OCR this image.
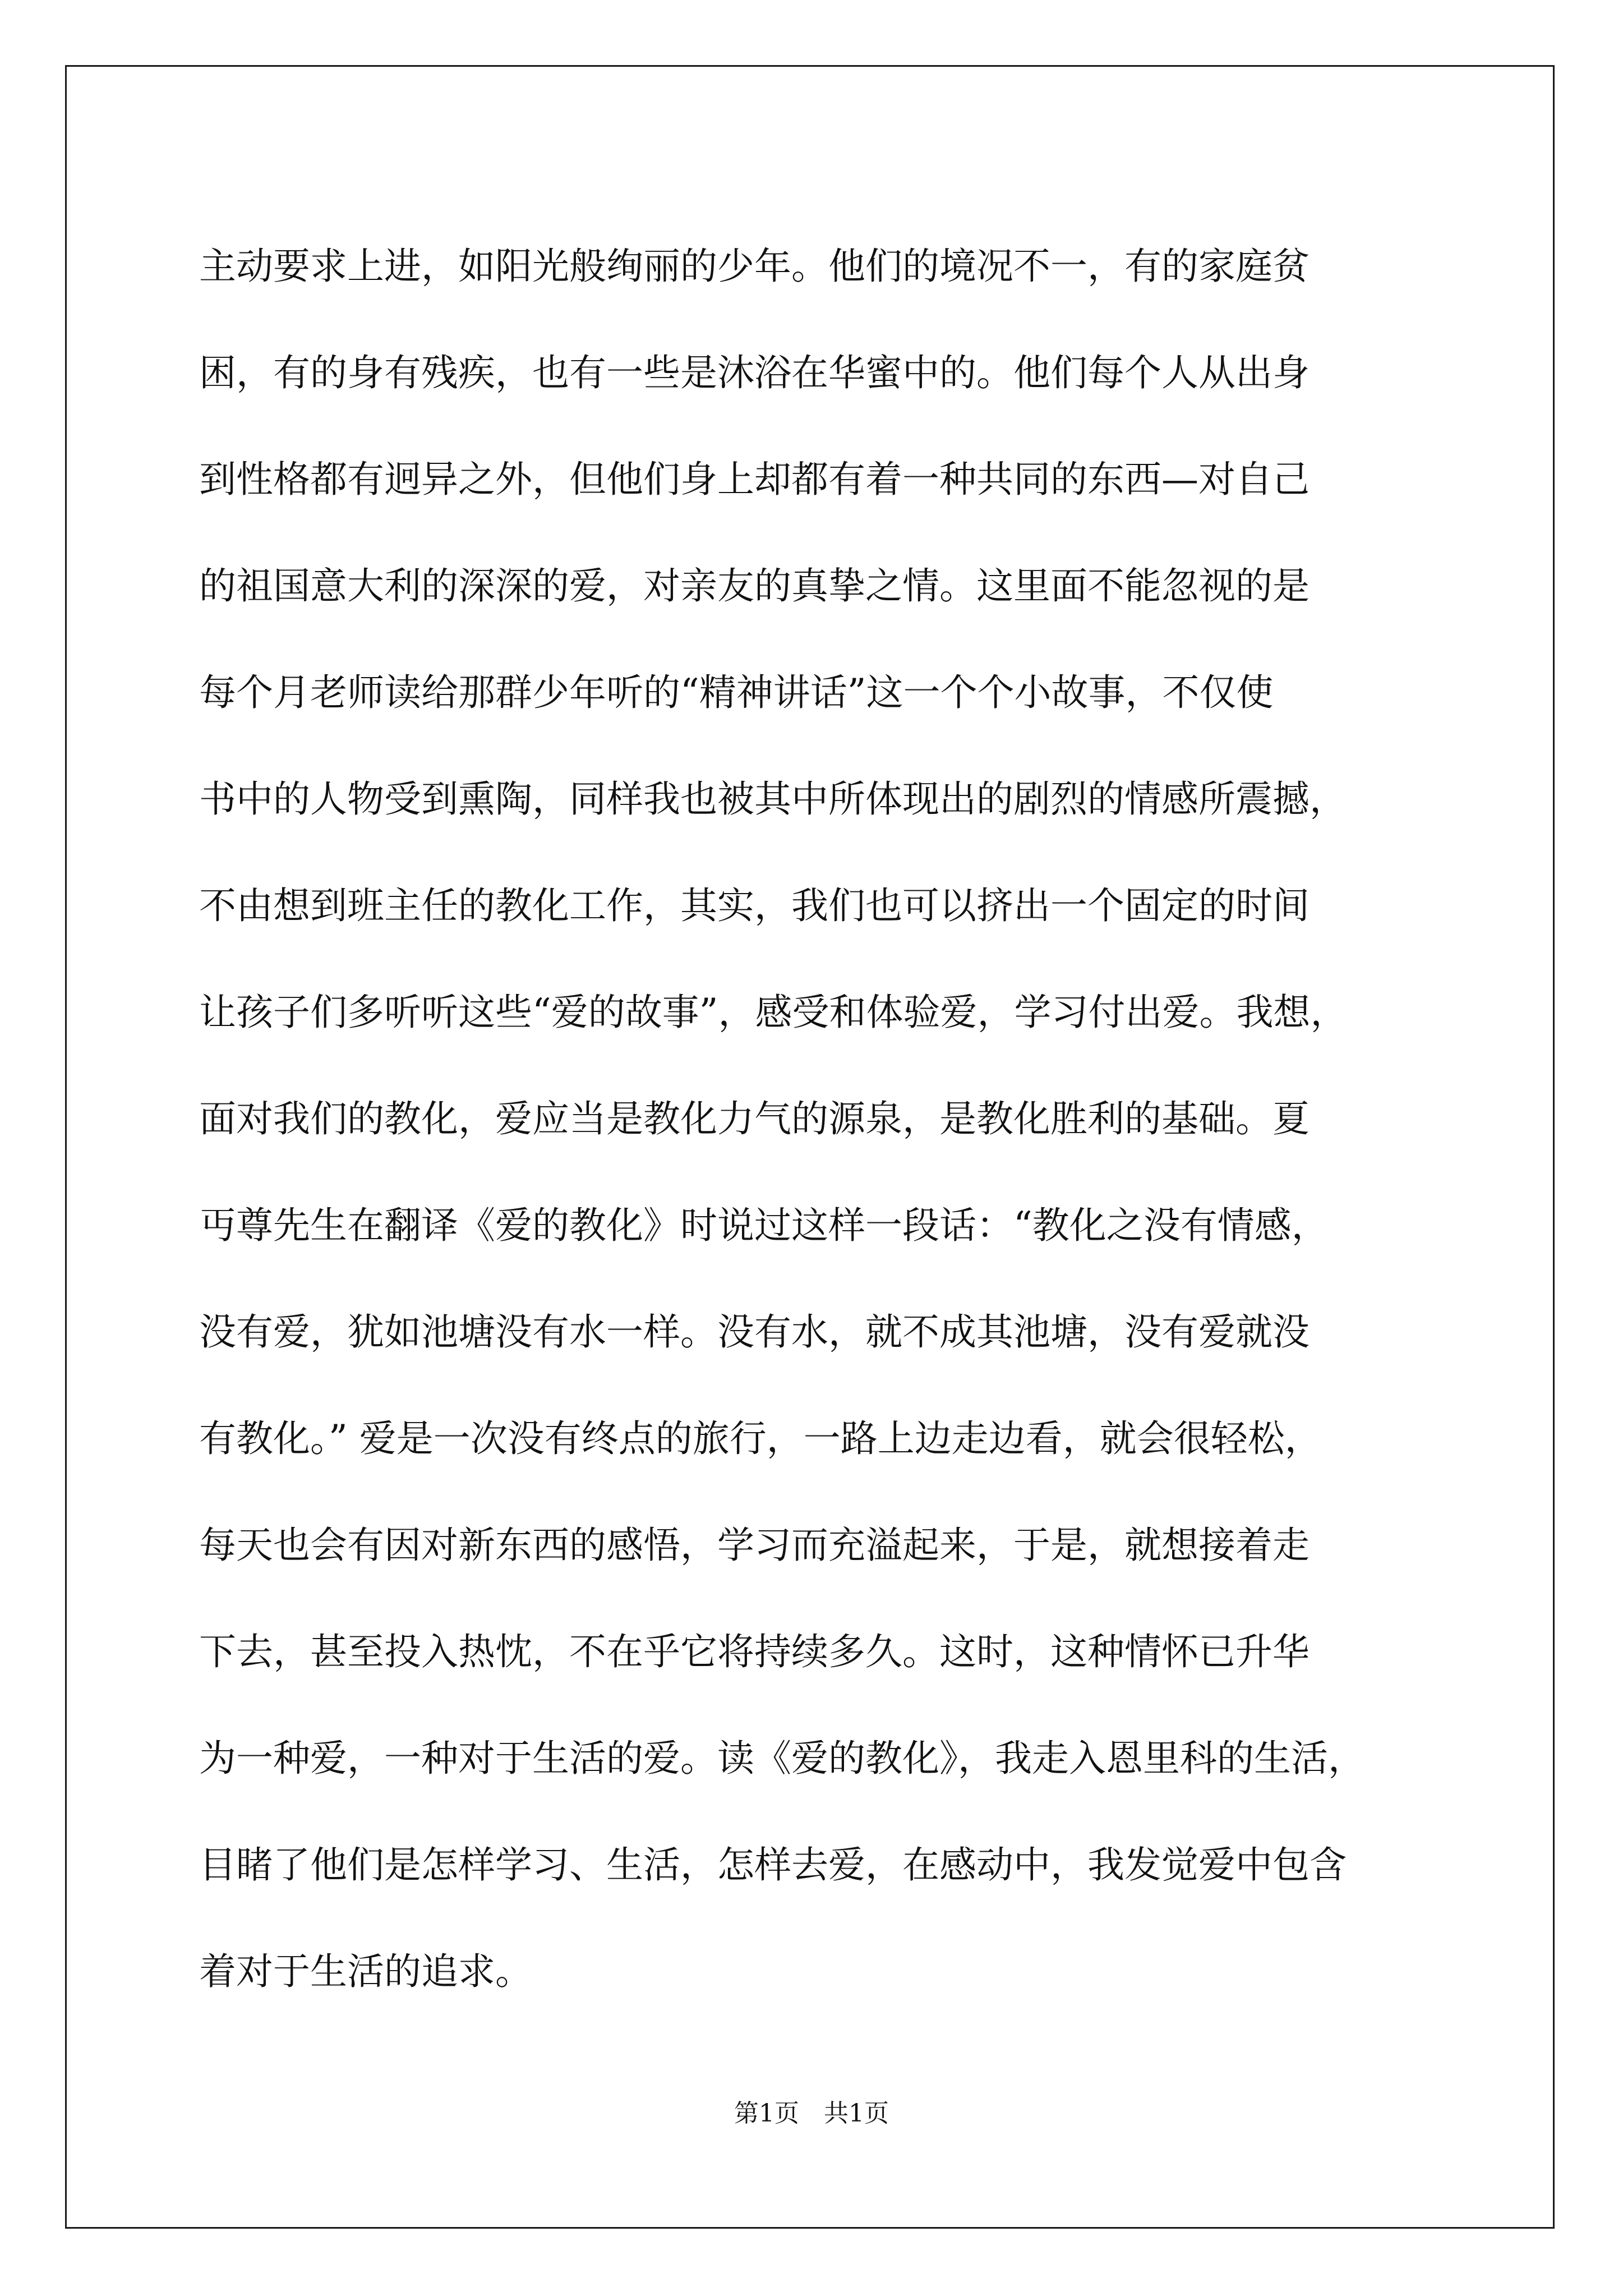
主动要求上进，如阳光般绚丽的少年。他们的境况不一，有的家庭贫
困，有的身有残疾，也有一些是沐浴在华蜜中的。他们每个人从出身
到性格都有迥异之外，但他们身上却都有着一种共同的东西—对自己
的祖国意大利的深深的爱，对亲友的真挚之情。这里面不能忽视的是
每个月老师读给那群少年听的“精神讲话”这一个个小故事，不仅使
书中的人物受到熏陶，同样我也被其中所体现出的剧烈的情感所震撼，
不由想到班主任的教化工作，其实，我们也可以挤出一个固定的时间
让孩子们多听听这些“爱的故事”，感受和体验爱，学习付出爱。我想，
面对我们的教化，爱应当是教化力气的源泉，是教化胜利的基础。夏
丏尊先生在翻译《爱的教化》时说过这样一段话：“教化之没有情感，
没有爱，犹如池塘没有水一样。没有水，就不成其池塘，没有爱就没
有教化。” 爱是一次没有终点的旅行，一路上边走边看，就会很轻松，
每天也会有因对新东西的感悟，学习而充溢起来，于是，就想接着走
下去，甚至投入热忱，不在乎它将持续多久。这时，这种情怀已升华
为一种爱，一种对于生活的爱。读《爱的教化》，我走入恩里科的生活，
目睹了他们是怎样学习、生活，怎样去爱，在感动中，我发觉爱中包含
着对于生活的追求。
第1页　共1页
